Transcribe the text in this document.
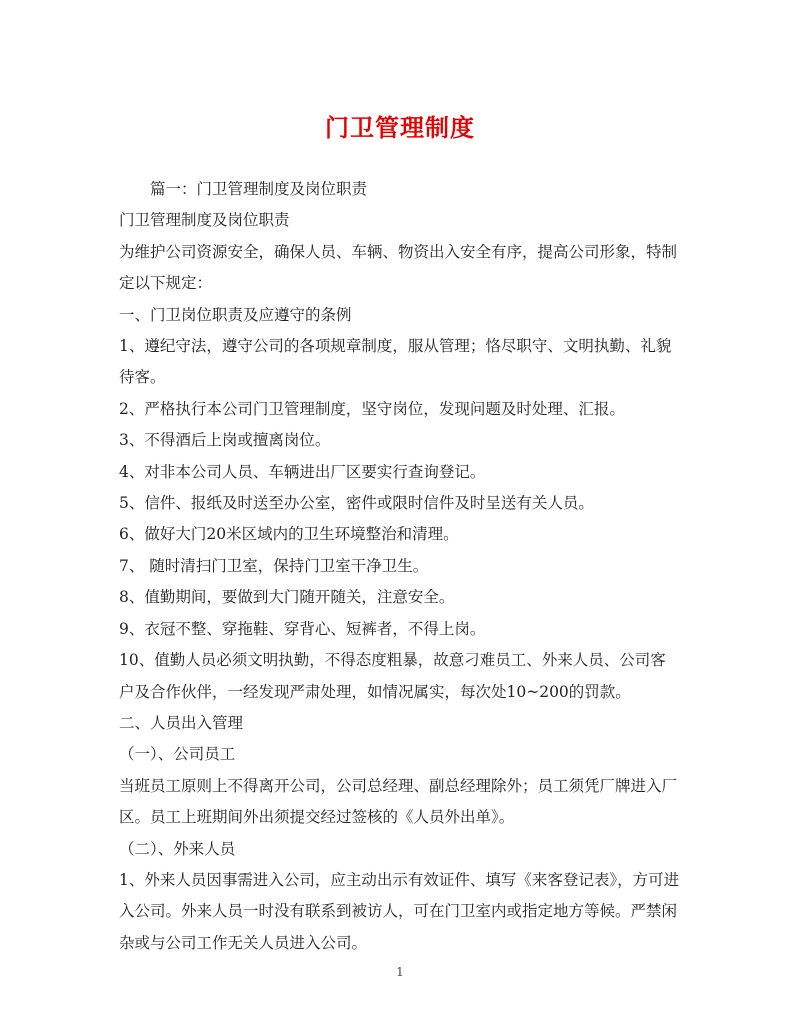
门卫管理制度

篇一：门卫管理制度及岗位职责

门卫管理制度及岗位职责

为维护公司资源安全，确保人员、车辆、物资出入安全有序，提高公司形象，特制定以下规定：

一、门卫岗位职责及应遵守的条例

1、遵纪守法，遵守公司的各项规章制度，服从管理；恪尽职守、文明执勤、礼貌待客。

2、严格执行本公司门卫管理制度，坚守岗位，发现问题及时处理、汇报。

3、不得酒后上岗或擅离岗位。

4、对非本公司人员、车辆进出厂区要实行查询登记。

5、信件、报纸及时送至办公室，密件或限时信件及时呈送有关人员。

6、做好大门20米区域内的卫生环境整治和清理。

7、 随时清扫门卫室，保持门卫室干净卫生。

8、值勤期间，要做到大门随开随关，注意安全。

9、衣冠不整、穿拖鞋、穿背心、短裤者，不得上岗。

10、值勤人员必须文明执勤，不得态度粗暴，故意刁难员工、外来人员、公司客户及合作伙伴，一经发现严肃处理，如情况属实，每次处10~200的罚款。

二、人员出入管理

（一）、公司员工

当班员工原则上不得离开公司，公司总经理、副总经理除外；员工须凭厂牌进入厂区。员工上班期间外出须提交经过签核的《人员外出单》。

（二）、外来人员

1、外来人员因事需进入公司，应主动出示有效证件、填写《来客登记表》，方可进入公司。外来人员一时没有联系到被访人，可在门卫室内或指定地方等候。严禁闲杂或与公司工作无关人员进入公司。

1
